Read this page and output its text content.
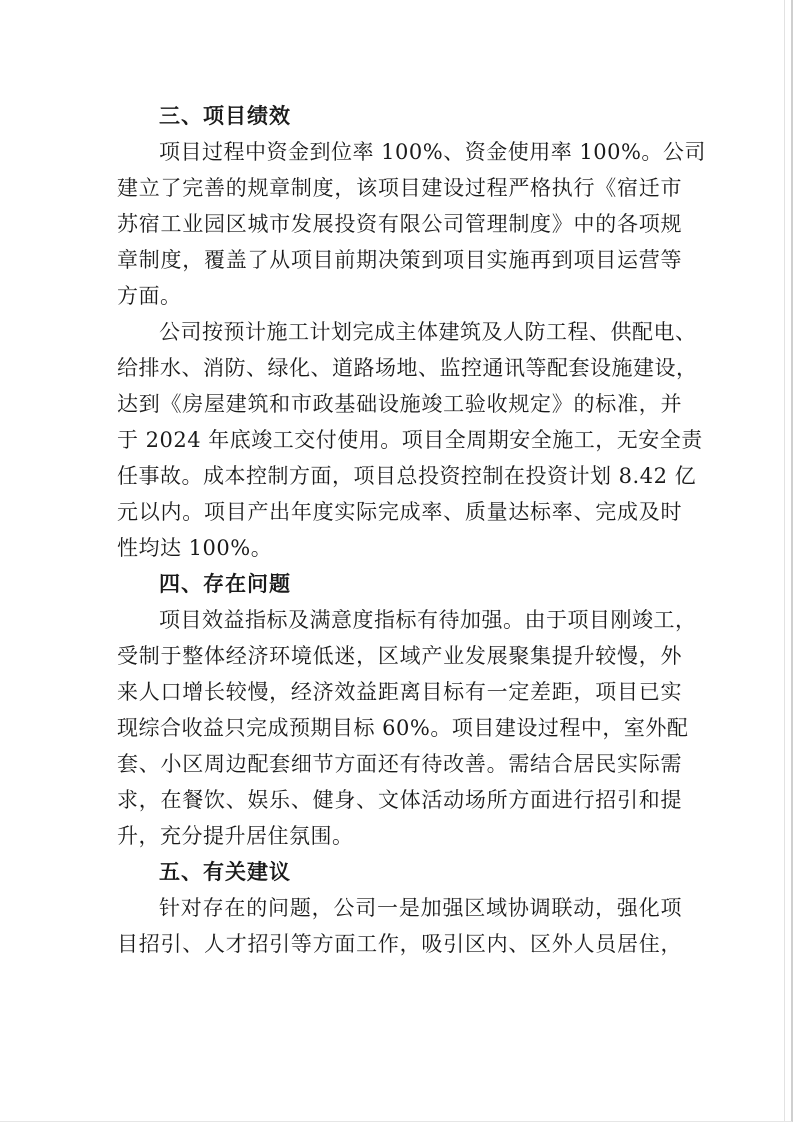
三、项目绩效
项目过程中资金到位率 100%、资金使用率 100%。公司
建立了完善的规章制度，该项目建设过程严格执行《宿迁市
苏宿工业园区城市发展投资有限公司管理制度》中的各项规
章制度，覆盖了从项目前期决策到项目实施再到项目运营等
方面。
公司按预计施工计划完成主体建筑及人防工程、供配电、
给排水、消防、绿化、道路场地、监控通讯等配套设施建设，
达到《房屋建筑和市政基础设施竣工验收规定》的标准，并
于 2024 年底竣工交付使用。项目全周期安全施工，无安全责
任事故。成本控制方面，项目总投资控制在投资计划 8.42 亿
元以内。项目产出年度实际完成率、质量达标率、完成及时
性均达 100%。
四、存在问题
项目效益指标及满意度指标有待加强。由于项目刚竣工，
受制于整体经济环境低迷，区域产业发展聚集提升较慢，外
来人口增长较慢，经济效益距离目标有一定差距，项目已实
现综合收益只完成预期目标 60%。项目建设过程中，室外配
套、小区周边配套细节方面还有待改善。需结合居民实际需
求，在餐饮、娱乐、健身、文体活动场所方面进行招引和提
升，充分提升居住氛围。
五、有关建议
针对存在的问题，公司一是加强区域协调联动，强化项
目招引、人才招引等方面工作，吸引区内、区外人员居住，
